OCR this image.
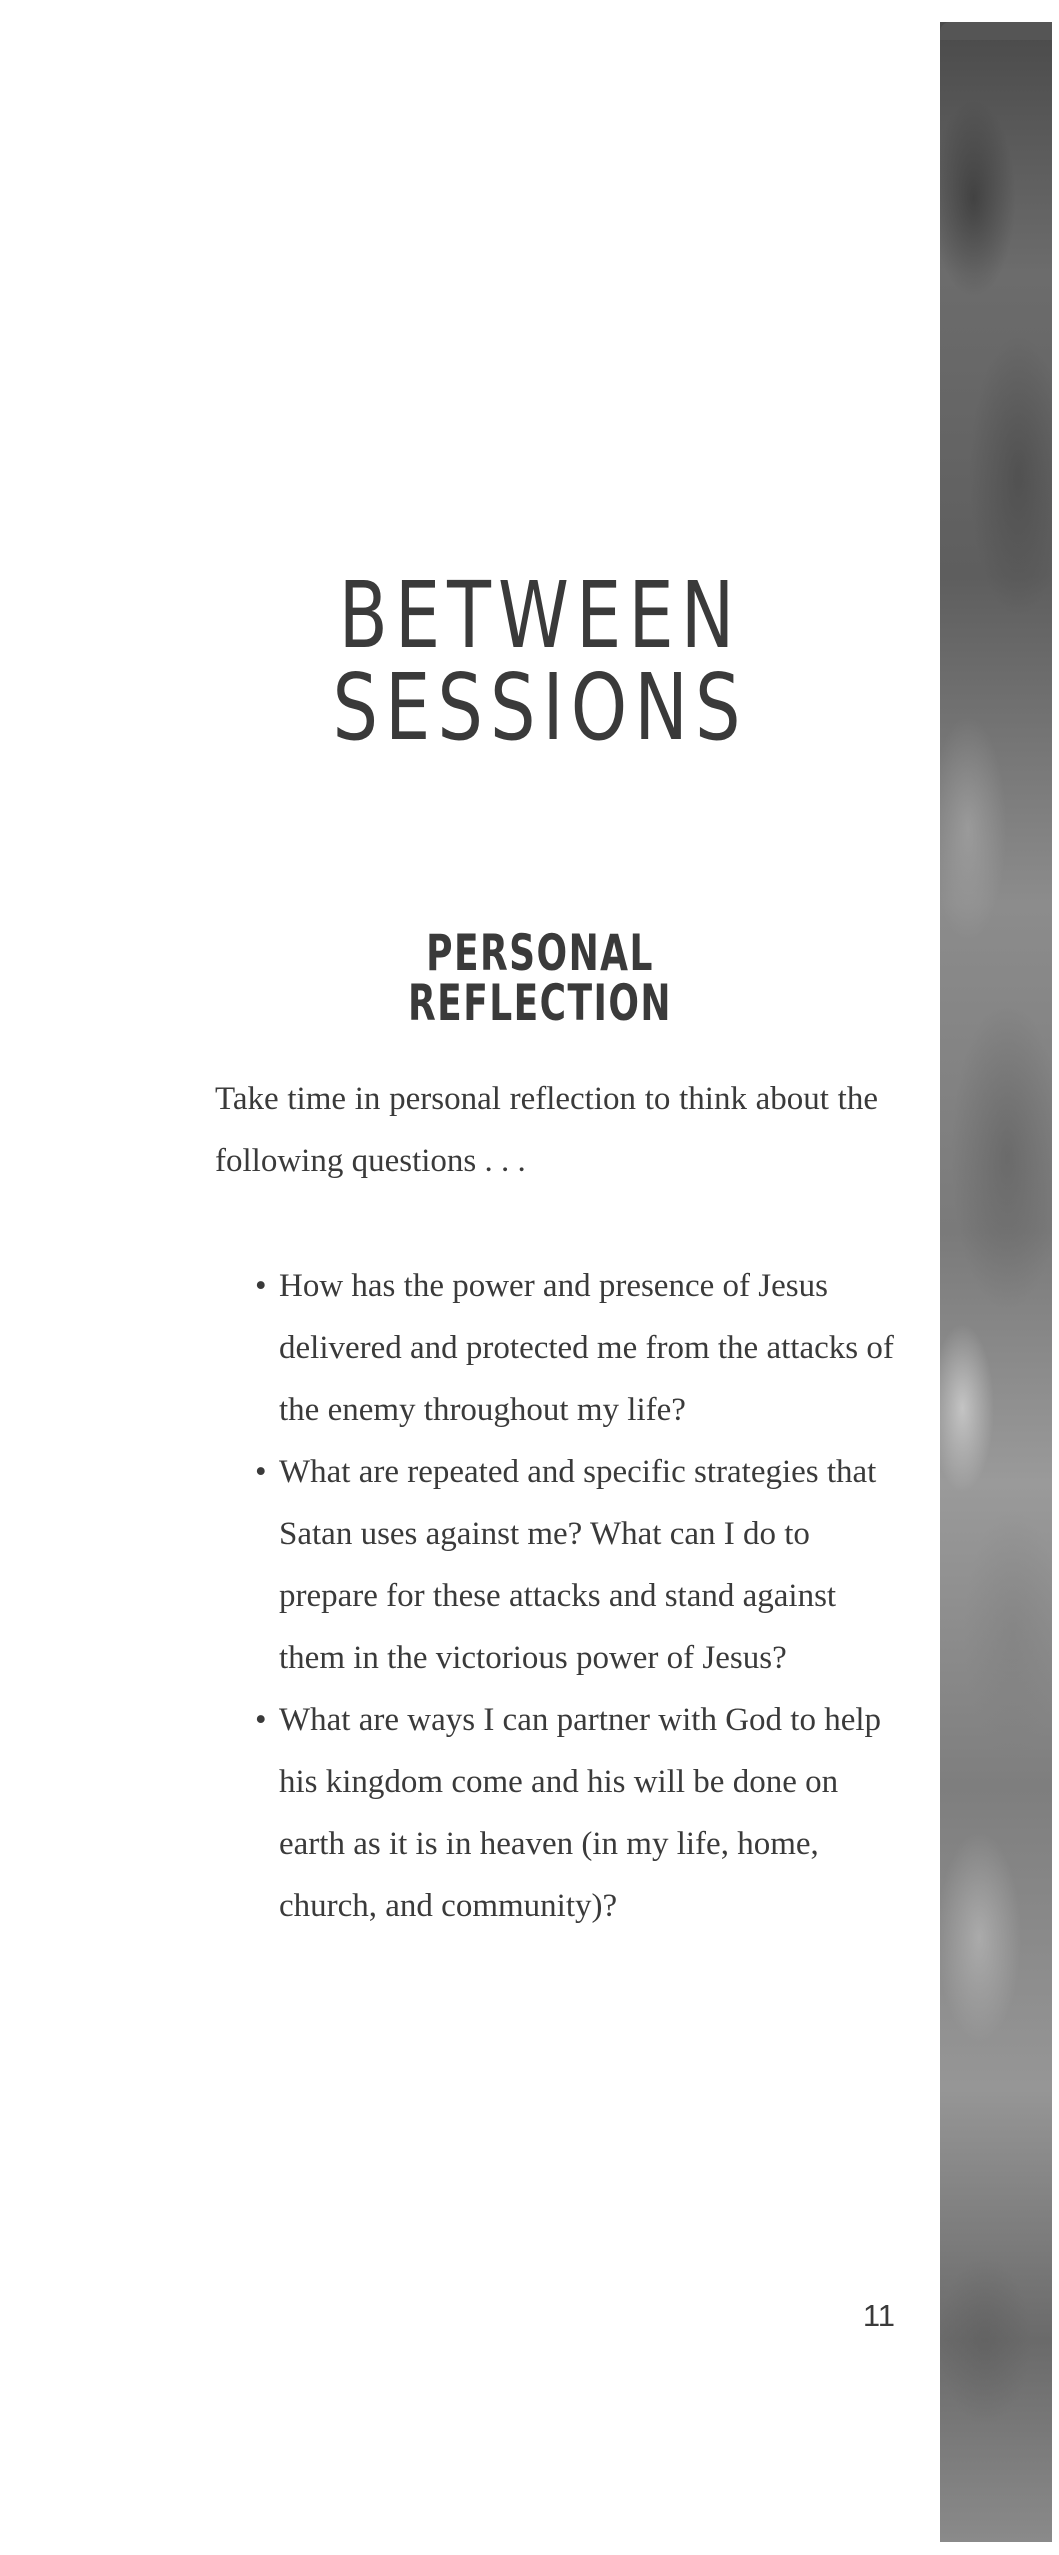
BETWEEN SESSIONS
PERSONAL REFLECTION

Take time in personal reflection to think about the following questions . . .

• How has the power and presence of Jesus delivered and protected me from the attacks of the enemy throughout my life?
• What are repeated and specific strategies that Satan uses against me? What can I do to prepare for these attacks and stand against them in the victorious power of Jesus?
• What are ways I can partner with God to help his kingdom come and his will be done on earth as it is in heaven (in my life, home, church, and community)?

11
